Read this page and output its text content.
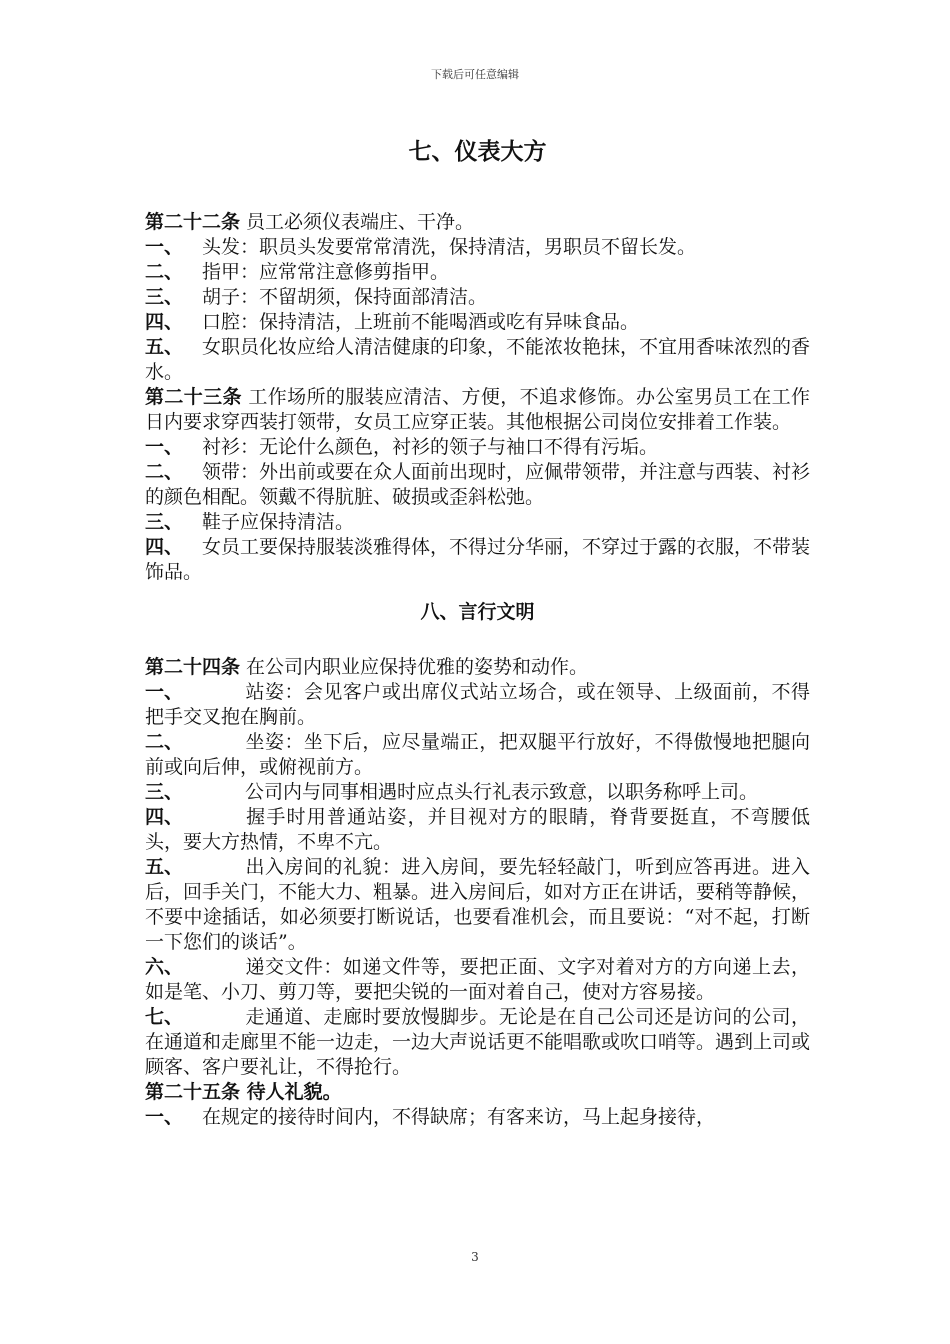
下载后可任意编辑
七、仪表大方

第二十二条 员工必须仪表端庄、干净。

一、 头发：职员头发要常常清洗，保持清洁，男职员不留长发。

二、 指甲：应常常注意修剪指甲。

三、 胡子：不留胡须，保持面部清洁。

四、 口腔：保持清洁，上班前不能喝酒或吃有异味食品。

五、 女职员化妆应给人清洁健康的印象，不能浓妆艳抹，不宜用香味浓烈的香水。

第二十三条 工作场所的服装应清洁、方便，不追求修饰。办公室男员工在工作日内要求穿西装打领带，女员工应穿正装。其他根据公司岗位安排着工作装。

一、 衬衫：无论什么颜色，衬衫的领子与袖口不得有污垢。

二、 领带：外出前或要在众人面前出现时，应佩带领带，并注意与西装、衬衫的颜色相配。领戴不得肮脏、破损或歪斜松弛。

三、 鞋子应保持清洁。

四、 女员工要保持服装淡雅得体，不得过分华丽，不穿过于露的衣服，不带装饰品。

八、言行文明

第二十四条 在公司内职业应保持优雅的姿势和动作。

一、	站姿：会见客户或出席仪式站立场合，或在领导、上级面前，不得把手交叉抱在胸前。

二、	坐姿：坐下后，应尽量端正，把双腿平行放好，不得傲慢地把腿向前或向后伸，或俯视前方。

三、	公司内与同事相遇时应点头行礼表示致意，以职务称呼上司。

四、	握手时用普通站姿，并目视对方的眼睛，脊背要挺直，不弯腰低头，要大方热情，不卑不亢。

五、	出入房间的礼貌：进入房间，要先轻轻敲门，听到应答再进。进入后，回手关门，不能大力、粗暴。进入房间后，如对方正在讲话，要稍等静候，不要中途插话，如必须要打断说话，也要看准机会，而且要说：“对不起，打断一下您们的谈话”。

六、	递交文件：如递文件等，要把正面、文字对着对方的方向递上去，如是笔、小刀、剪刀等，要把尖锐的一面对着自己，使对方容易接。

七、	走通道、走廊时要放慢脚步。无论是在自己公司还是访问的公司，在通道和走廊里不能一边走，一边大声说话更不能唱歌或吹口哨等。遇到上司或顾客、客户要礼让，不得抢行。

第二十五条 待人礼貌。

一、 在规定的接待时间内，不得缺席；有客来访，马上起身接待，

3
